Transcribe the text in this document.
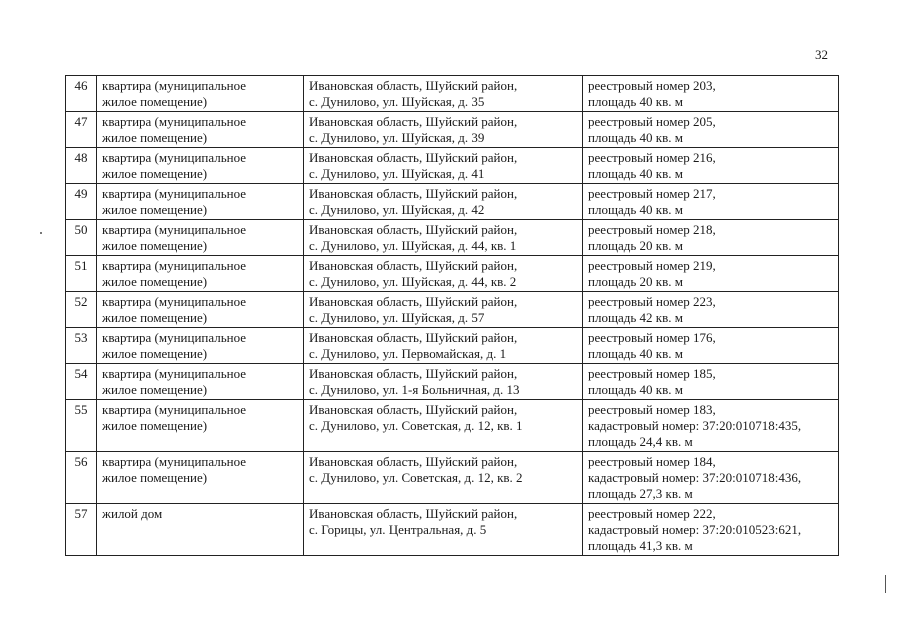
32
46	квартира (муниципальное
жилое помещение)	Ивановская область, Шуйский район,
с. Дунилово, ул. Шуйская, д. 35	реестровый номер 203,
площадь 40 кв. м

47	квартира (муниципальное
жилое помещение)	Ивановская область, Шуйский район,
с. Дунилово, ул. Шуйская, д. 39	реестровый номер 205,
площадь 40 кв. м

48	квартира (муниципальное
жилое помещение)	Ивановская область, Шуйский район,
с. Дунилово, ул. Шуйская, д. 41	реестровый номер 216,
площадь 40 кв. м

49	квартира (муниципальное
жилое помещение)	Ивановская область, Шуйский район,
с. Дунилово, ул. Шуйская, д. 42	реестровый номер 217,
площадь 40 кв. м

50	квартира (муниципальное
жилое помещение)	Ивановская область, Шуйский район,
с. Дунилово, ул. Шуйская, д. 44, кв. 1	реестровый номер 218,
площадь 20 кв. м

51	квартира (муниципальное
жилое помещение)	Ивановская область, Шуйский район,
с. Дунилово, ул. Шуйская, д. 44, кв. 2	реестровый номер 219,
площадь 20 кв. м

52	квартира (муниципальное
жилое помещение)	Ивановская область, Шуйский район,
с. Дунилово, ул. Шуйская, д. 57	реестровый номер 223,
площадь 42 кв. м

53	квартира (муниципальное
жилое помещение)	Ивановская область, Шуйский район,
с. Дунилово, ул. Первомайская, д. 1	реестровый номер 176,
площадь 40 кв. м

54	квартира (муниципальное
жилое помещение)	Ивановская область, Шуйский район,
с. Дунилово, ул. 1-я Больничная, д. 13	реестровый номер 185,
площадь 40 кв. м

55	квартира (муниципальное
жилое помещение)	Ивановская область, Шуйский район,
с. Дунилово, ул. Советская, д. 12, кв. 1	реестровый номер 183,
кадастровый номер: 37:20:010718:435,
площадь 24,4 кв. м

56	квартира (муниципальное
жилое помещение)	Ивановская область, Шуйский район,
с. Дунилово, ул. Советская, д. 12, кв. 2	реестровый номер 184,
кадастровый номер: 37:20:010718:436,
площадь 27,3 кв. м

57	жилой дом	Ивановская область, Шуйский район,
с. Горицы, ул. Центральная, д. 5	реестровый номер 222,
кадастровый номер: 37:20:010523:621,
площадь 41,3 кв. м
